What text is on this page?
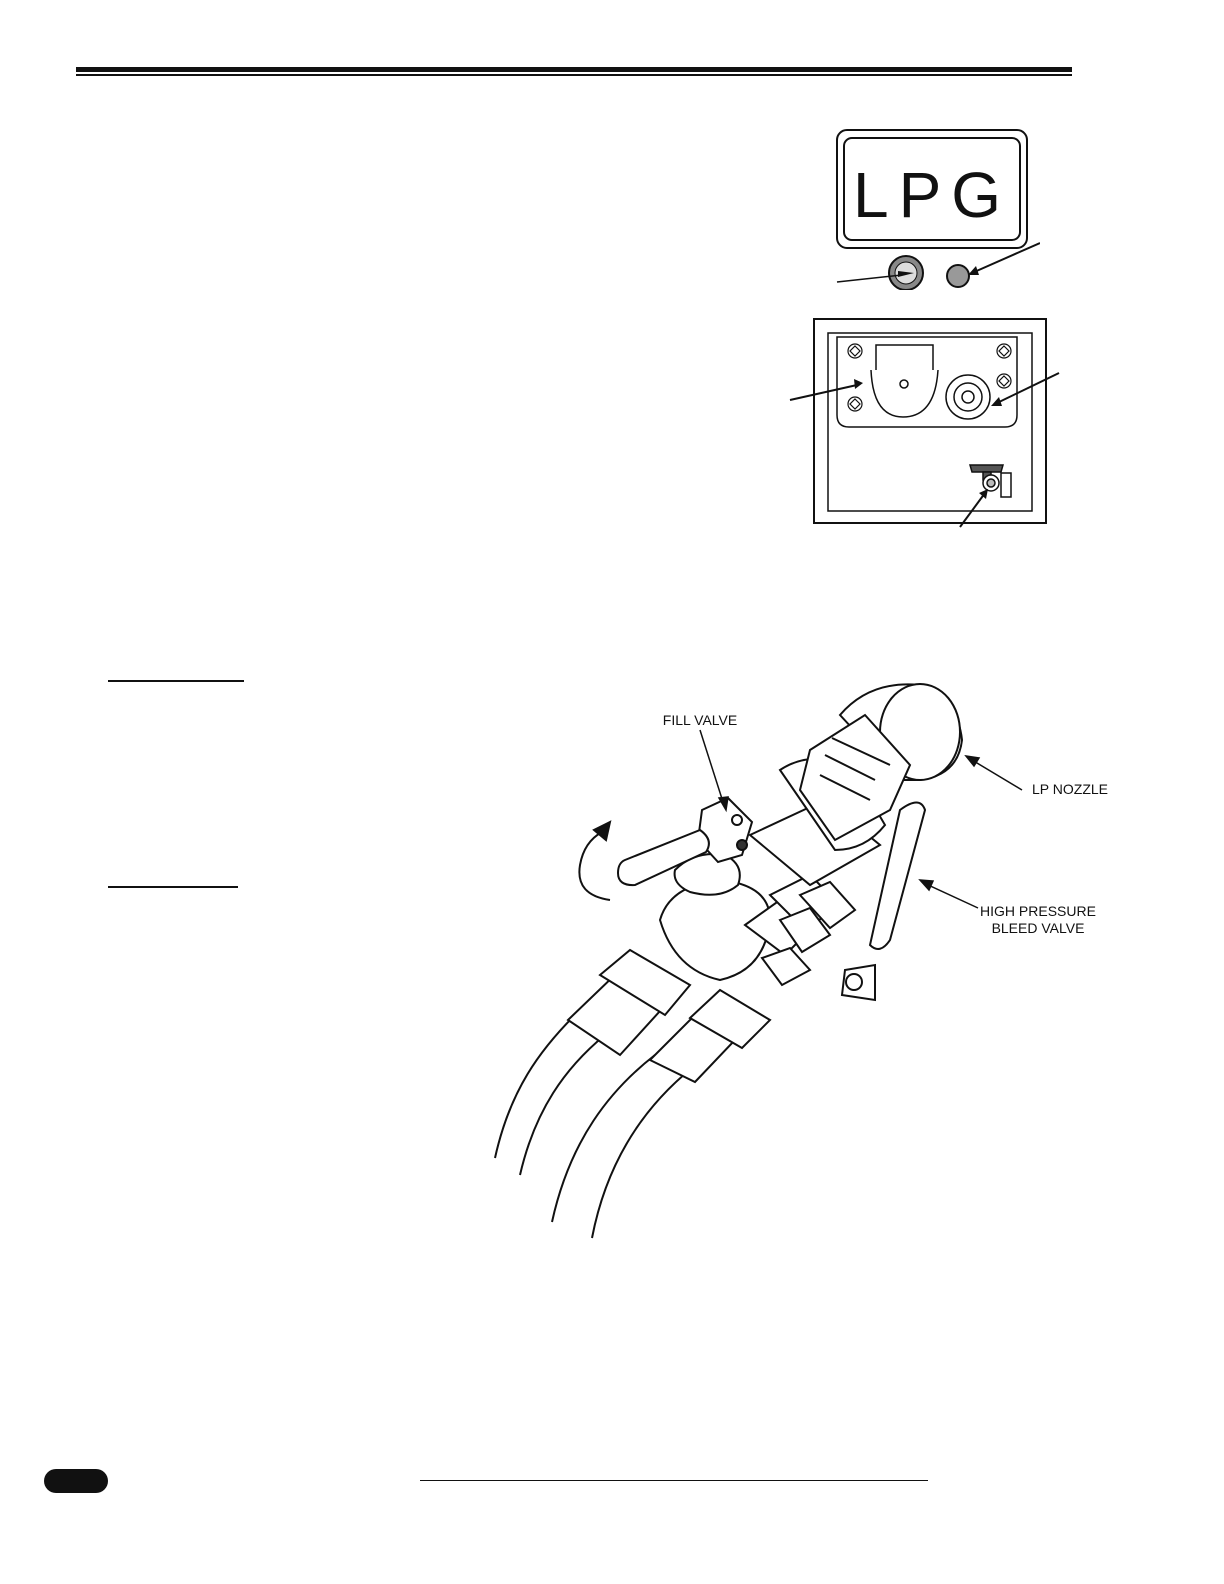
LPG
FILL VALVE
LP NOZZLE
HIGH PRESSURE
BLEED VALVE
